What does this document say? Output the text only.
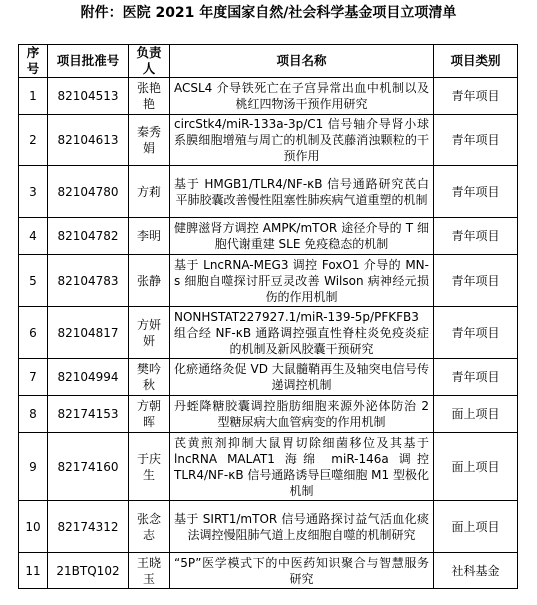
附件：医院 2021 年度国家自然/社会科学基金项目立项清单
序号	项目批准号	负责人	项目名称	项目类别
1	82104513	张艳艳	ACSL4 介导铁死亡在子宫异常出血中机制以及桃红四物汤干预作用研究	青年项目
2	82104613	秦秀娟	circStk4/miR-133a-3p/C1 信号轴介导肾小球系膜细胞增殖与周亡的机制及芪藤消浊颗粒的干预作用	青年项目
3	82104780	方莉	基于 HMGB1/TLR4/NF-κB 信号通路研究芪白平肺胶囊改善慢性阻塞性肺疾病气道重塑的机制	青年项目
4	82104782	李明	健脾滋肾方调控 AMPK/mTOR 途径介导的 T 细胞代谢重建 SLE 免疫稳态的机制	青年项目
5	82104783	张静	基于 LncRNA-MEG3 调控 FoxO1 介导的 MN-s 细胞自噬探讨肝豆灵改善 Wilson 病神经元损伤的作用机制	青年项目
6	82104817	方妍妍	NONHSTAT227927.1/miR-139-5p/PFKFB3 组合经 NF-κB 通路调控强直性脊柱炎免疫炎症的机制及新风胶囊干预研究	青年项目
7	82104994	樊吟秋	化瘀通络灸促 VD 大鼠髓鞘再生及轴突电信号传递调控机制	青年项目
8	82174153	方朝晖	丹蛭降糖胶囊调控脂肪细胞来源外泌体防治 2 型糖尿病大血管病变的作用机制	面上项目
9	82174160	于庆生	芪黄煎剂抑制大鼠胃切除细菌移位及其基于 lncRNA MALAT1 海绵 miR-146a 调控 TLR4/NF-κB 信号通路诱导巨噬细胞 M1 型极化机制	面上项目
10	82174312	张念志	基于 SIRT1/mTOR 信号通路探讨益气活血化痰法调控慢阻肺气道上皮细胞自噬的机制研究	面上项目
11	21BTQ102	王晓玉	“5P”医学模式下的中医药知识聚合与智慧服务研究	社科基金
